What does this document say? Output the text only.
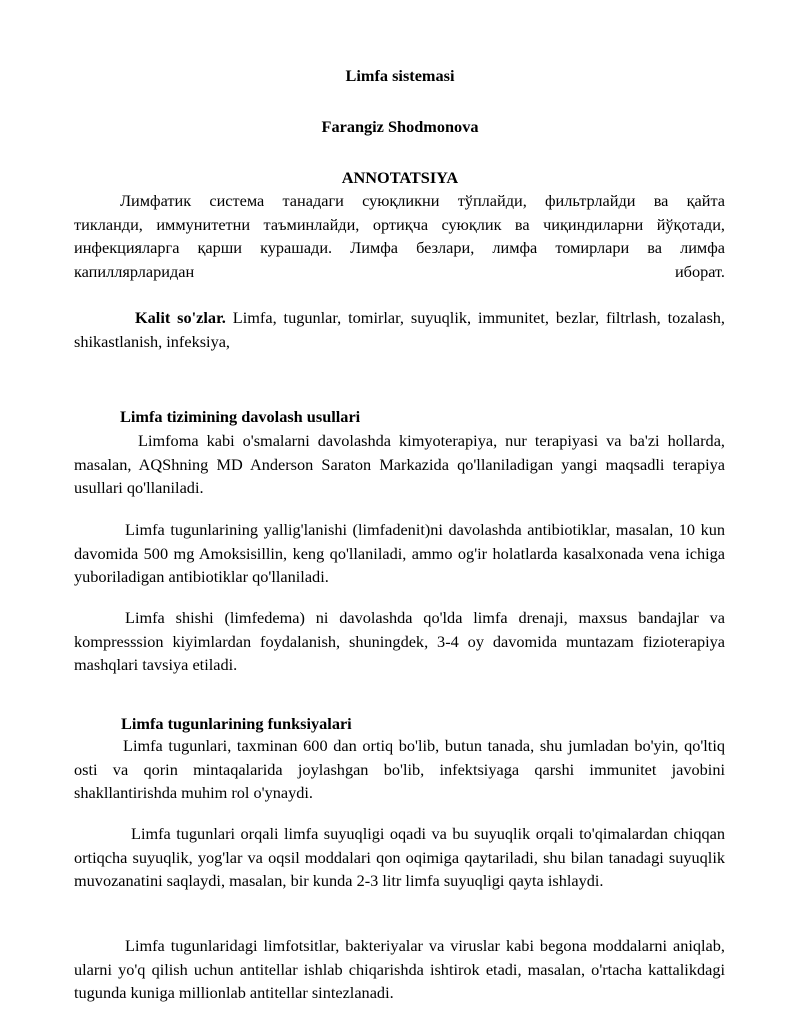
Limfa sistemasi
Farangiz Shodmonova
ANNOTATSIYA
Лимфатик система танадаги суюқликни тўплайди, фильтрлайди ва қайта
тикланди, иммунитетни таъминлайди, ортиқча суюқлик ва чиқиндиларни йўқотади,
инфекцияларга қарши курашади. Лимфа безлари, лимфа томирлари ва лимфа
капиллярларидан	иборат.
Kalit so'zlar. Limfa, tugunlar, tomirlar, suyuqlik, immunitet, bezlar, filtrlash, tozalash, shikastlanish, infeksiya,
Limfa tizimining davolash usullari
Limfoma kabi o'smalarni davolashda kimyoterapiya, nur terapiyasi va ba'zi hollarda, masalan, AQShning MD Anderson Saraton Markazida qo'llaniladigan yangi maqsadli terapiya usullari qo'llaniladi.
Limfa tugunlarining yallig'lanishi (limfadenit)ni davolashda antibiotiklar, masalan, 10 kun davomida 500 mg Amoksisillin, keng qo'llaniladi, ammo og'ir holatlarda kasalxonada vena ichiga yuboriladigan antibiotiklar qo'llaniladi.
Limfa shishi (limfedema) ni davolashda qo'lda limfa drenaji, maxsus bandajlar va kompresssion kiyimlardan foydalanish, shuningdek, 3-4 oy davomida muntazam fizioterapiya mashqlari tavsiya etiladi.
Limfa tugunlarining funksiyalari
Limfa tugunlari, taxminan 600 dan ortiq bo'lib, butun tanada, shu jumladan bo'yin, qo'ltiq osti va qorin mintaqalarida joylashgan bo'lib, infektsiyaga qarshi immunitet javobini shakllantirishda muhim rol o'ynaydi.
Limfa tugunlari orqali limfa suyuqligi oqadi va bu suyuqlik orqali to'qimalardan chiqqan ortiqcha suyuqlik, yog'lar va oqsil moddalari qon oqimiga qaytariladi, shu bilan tanadagi suyuqlik muvozanatini saqlaydi, masalan, bir kunda 2-3 litr limfa suyuqligi qayta ishlaydi.
Limfa tugunlaridagi limfotsitlar, bakteriyalar va viruslar kabi begona moddalarni aniqlab, ularni yo'q qilish uchun antitellar ishlab chiqarishda ishtirok etadi, masalan, o'rtacha kattalikdagi tugunda kuniga millionlab antitellar sintezlanadi.
